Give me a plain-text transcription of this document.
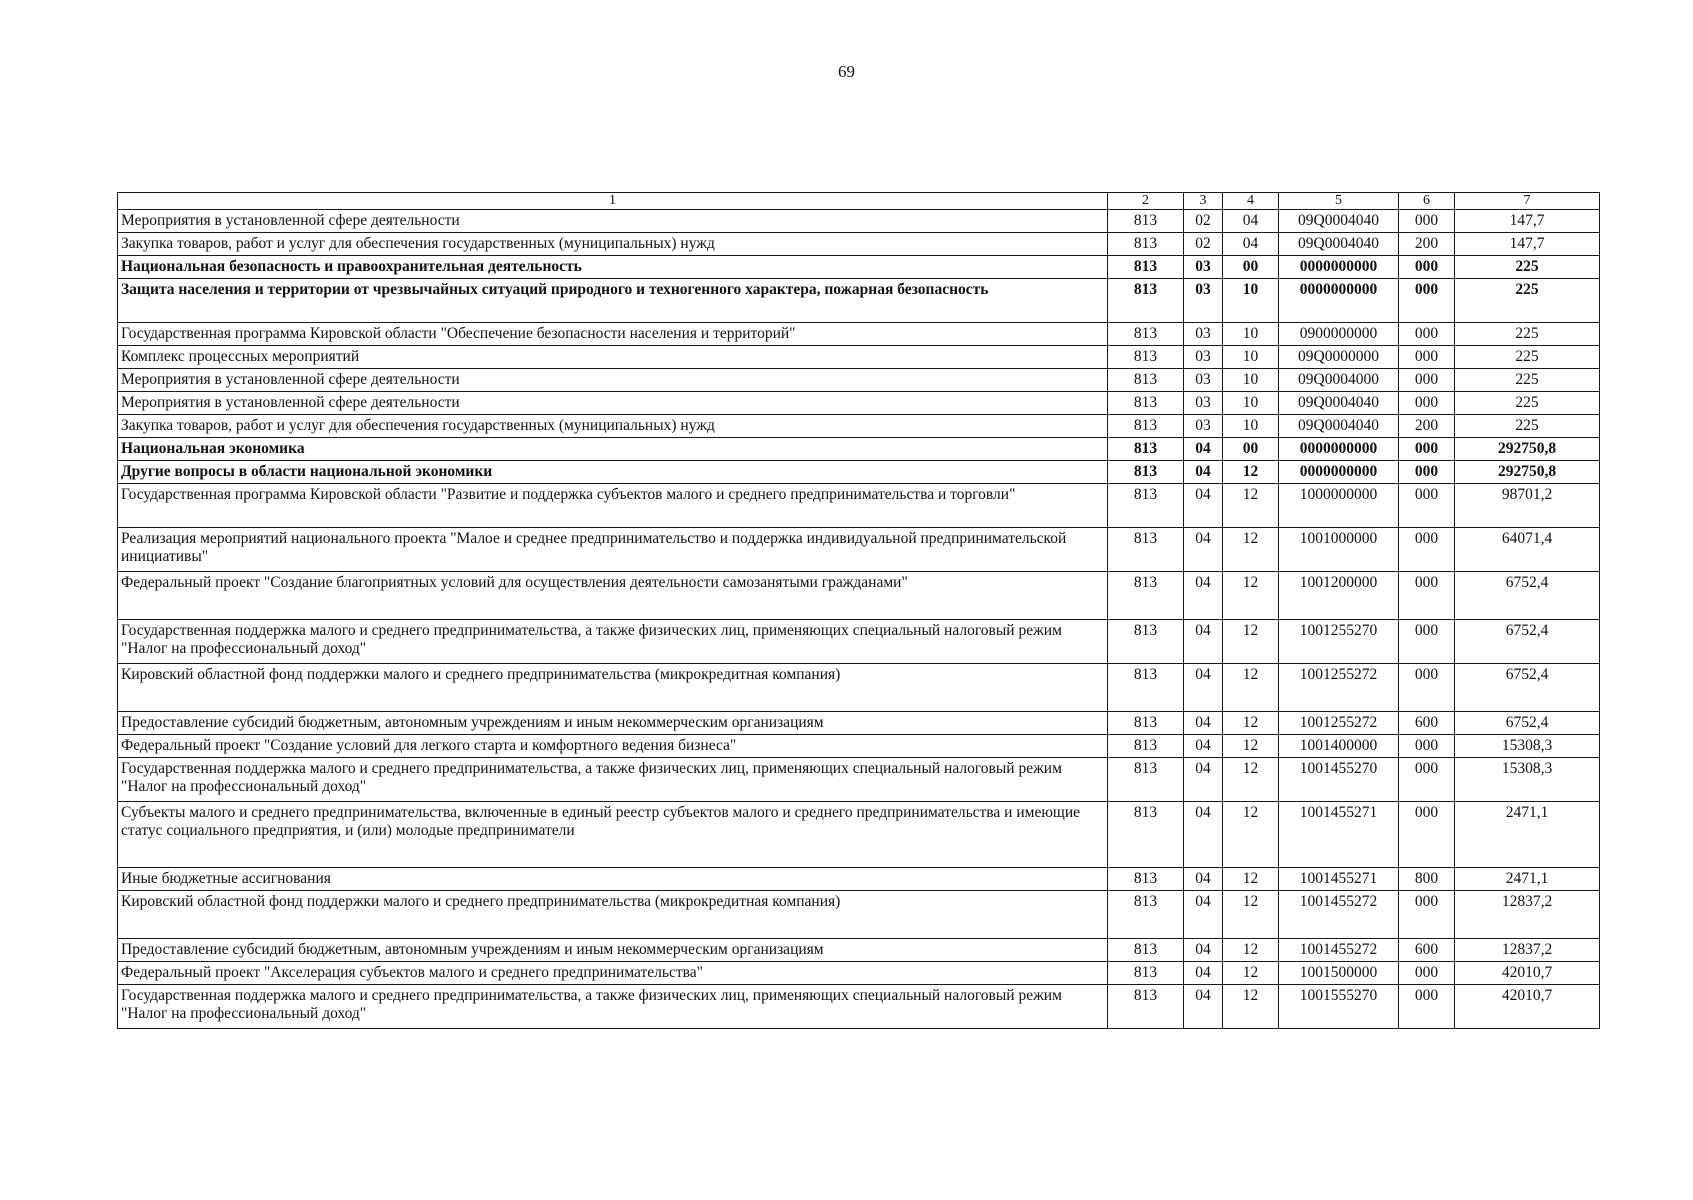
69
1	2	3	4	5	6	7
Мероприятия в установленной сфере деятельности	813	02	04	09Q0004040	000	147,7
Закупка товаров, работ и услуг для обеспечения государственных (муниципальных) нужд	813	02	04	09Q0004040	200	147,7
Национальная безопасность и правоохранительная деятельность	813	03	00	0000000000	000	225
Защита населения и территории от чрезвычайных ситуаций природного и техногенного характера, пожарная безопасность	813	03	10	0000000000	000	225
Государственная программа Кировской области "Обеспечение безопасности населения и территорий"	813	03	10	0900000000	000	225
Комплекс процессных мероприятий	813	03	10	09Q0000000	000	225
Мероприятия в установленной сфере деятельности	813	03	10	09Q0004000	000	225
Мероприятия в установленной сфере деятельности	813	03	10	09Q0004040	000	225
Закупка товаров, работ и услуг для обеспечения государственных (муниципальных) нужд	813	03	10	09Q0004040	200	225
Национальная экономика	813	04	00	0000000000	000	292750,8
Другие вопросы в области национальной экономики	813	04	12	0000000000	000	292750,8
Государственная программа Кировской области "Развитие и поддержка субъектов малого и среднего предпринимательства и торговли"	813	04	12	1000000000	000	98701,2
Реализация мероприятий национального проекта "Малое и среднее предпринимательство и поддержка индивидуальной предпринимательской инициативы"	813	04	12	1001000000	000	64071,4
Федеральный проект "Создание благоприятных условий для осуществления деятельности самозанятыми гражданами"	813	04	12	1001200000	000	6752,4
Государственная поддержка малого и среднего предпринимательства, а также физических лиц, применяющих специальный налоговый режим "Налог на профессиональный доход"	813	04	12	1001255270	000	6752,4
Кировский областной фонд поддержки малого и среднего предпринимательства (микрокредитная компания)	813	04	12	1001255272	000	6752,4
Предоставление субсидий бюджетным, автономным учреждениям и иным некоммерческим организациям	813	04	12	1001255272	600	6752,4
Федеральный проект "Создание условий для легкого старта и комфортного ведения бизнеса"	813	04	12	1001400000	000	15308,3
Государственная поддержка малого и среднего предпринимательства, а также физических лиц, применяющих специальный налоговый режим "Налог на профессиональный доход"	813	04	12	1001455270	000	15308,3
Субъекты малого и среднего предпринимательства, включенные в единый реестр субъектов малого и среднего предпринимательства и имеющие статус социального предприятия, и (или) молодые предприниматели	813	04	12	1001455271	000	2471,1
Иные бюджетные ассигнования	813	04	12	1001455271	800	2471,1
Кировский областной фонд поддержки малого и среднего предпринимательства (микрокредитная компания)	813	04	12	1001455272	000	12837,2
Предоставление субсидий бюджетным, автономным учреждениям и иным некоммерческим организациям	813	04	12	1001455272	600	12837,2
Федеральный проект "Акселерация субъектов малого и среднего предпринимательства"	813	04	12	1001500000	000	42010,7
Государственная поддержка малого и среднего предпринимательства, а также физических лиц, применяющих специальный налоговый режим "Налог на профессиональный доход"	813	04	12	1001555270	000	42010,7
